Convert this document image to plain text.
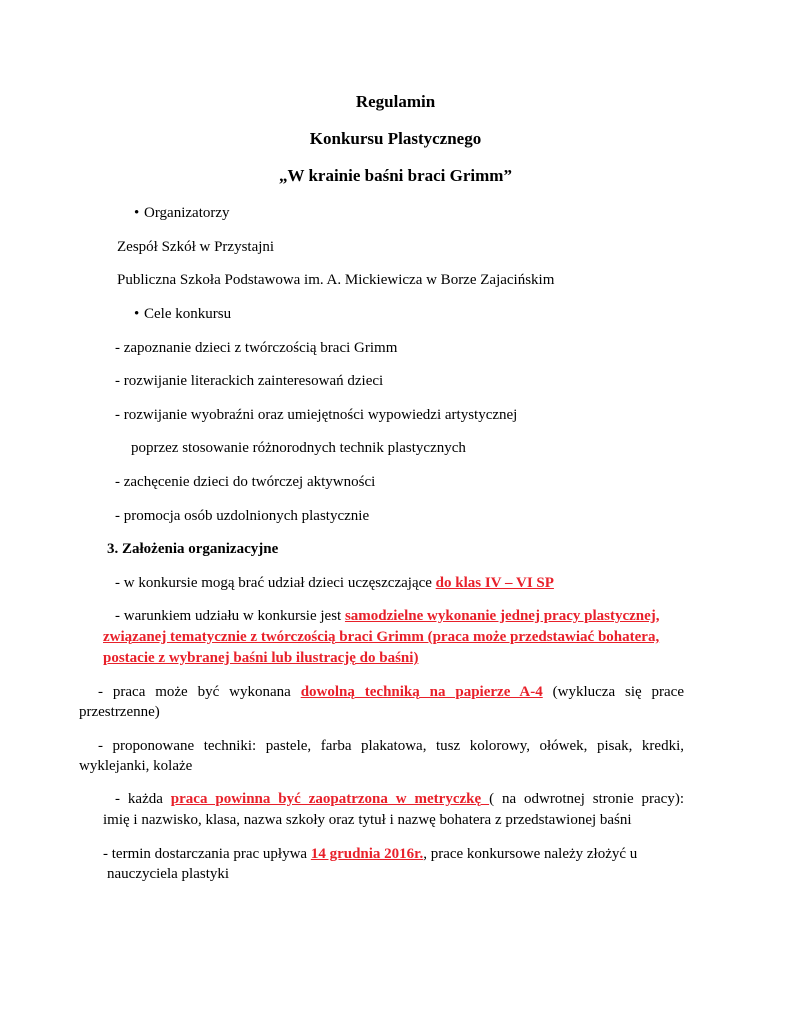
Regulamin
Konkursu Plastycznego
„W krainie baśni braci Grimm”
• Organizatorzy
Zespół Szkół w Przystajni
Publiczna Szkoła Podstawowa im. A. Mickiewicza w Borze Zajacińskim
• Cele konkursu
- zapoznanie dzieci z twórczością braci Grimm
- rozwijanie literackich zainteresowań dzieci
- rozwijanie wyobraźni oraz umiejętności wypowiedzi artystycznej
poprzez stosowanie różnorodnych technik plastycznych
- zachęcenie dzieci do twórczej aktywności
- promocja osób uzdolnionych plastycznie
3. Założenia organizacyjne
- w konkursie mogą brać udział dzieci uczęszczające do klas IV – VI SP
- warunkiem udziału w konkursie jest samodzielne wykonanie jednej pracy plastycznej,
związanej tematycznie z twórczością braci Grimm (praca może przedstawiać bohatera,
postacie z wybranej baśni lub ilustrację do baśni)
- praca może być wykonana dowolną techniką na papierze A-4 (wyklucza się prace
przestrzenne)
- proponowane techniki: pastele, farba plakatowa, tusz kolorowy, ołówek, pisak, kredki,
wyklejanki, kolaże
- każda praca powinna być zaopatrzona w metryczkę ( na odwrotnej stronie pracy):
imię i nazwisko, klasa, nazwa szkoły oraz tytuł i nazwę bohatera z przedstawionej baśni
- termin dostarczania prac upływa 14 grudnia 2016r., prace konkursowe należy złożyć u
nauczyciela plastyki
